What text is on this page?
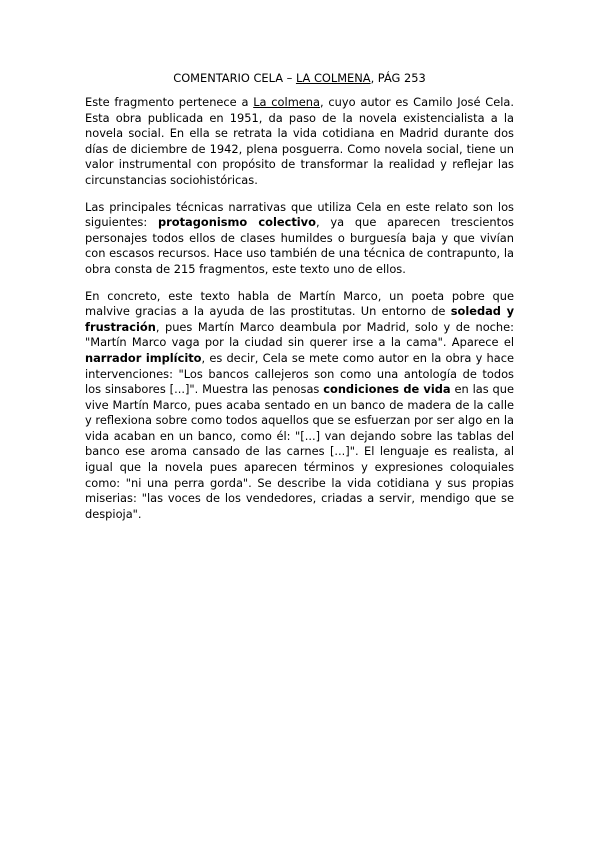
COMENTARIO CELA – LA COLMENA, PÁG 253

Este fragmento pertenece a La colmena, cuyo autor es Camilo José Cela. Esta obra publicada en 1951, da paso de la novela existencialista a la novela social. En ella se retrata la vida cotidiana en Madrid durante dos días de diciembre de 1942, plena posguerra. Como novela social, tiene un valor instrumental con propósito de transformar la realidad y reflejar las circunstancias sociohistóricas.

Las principales técnicas narrativas que utiliza Cela en este relato son los siguientes: protagonismo colectivo, ya que aparecen trescientos personajes todos ellos de clases humildes o burguesía baja y que vivían con escasos recursos. Hace uso también de una técnica de contrapunto, la obra consta de 215 fragmentos, este texto uno de ellos.

En concreto, este texto habla de Martín Marco, un poeta pobre que malvive gracias a la ayuda de las prostitutas. Un entorno de soledad y frustración, pues Martín Marco deambula por Madrid, solo y de noche: "Martín Marco vaga por la ciudad sin querer irse a la cama". Aparece el narrador implícito, es decir, Cela se mete como autor en la obra y hace intervenciones: "Los bancos callejeros son como una antología de todos los sinsabores [...]". Muestra las penosas condiciones de vida en las que vive Martín Marco, pues acaba sentado en un banco de madera de la calle y reflexiona sobre como todos aquellos que se esfuerzan por ser algo en la vida acaban en un banco, como él: "[...] van dejando sobre las tablas del banco ese aroma cansado de las carnes [...]". El lenguaje es realista, al igual que la novela pues aparecen términos y expresiones coloquiales como: "ni una perra gorda". Se describe la vida cotidiana y sus propias miserias: "las voces de los vendedores, criadas a servir, mendigo que se despioja".
